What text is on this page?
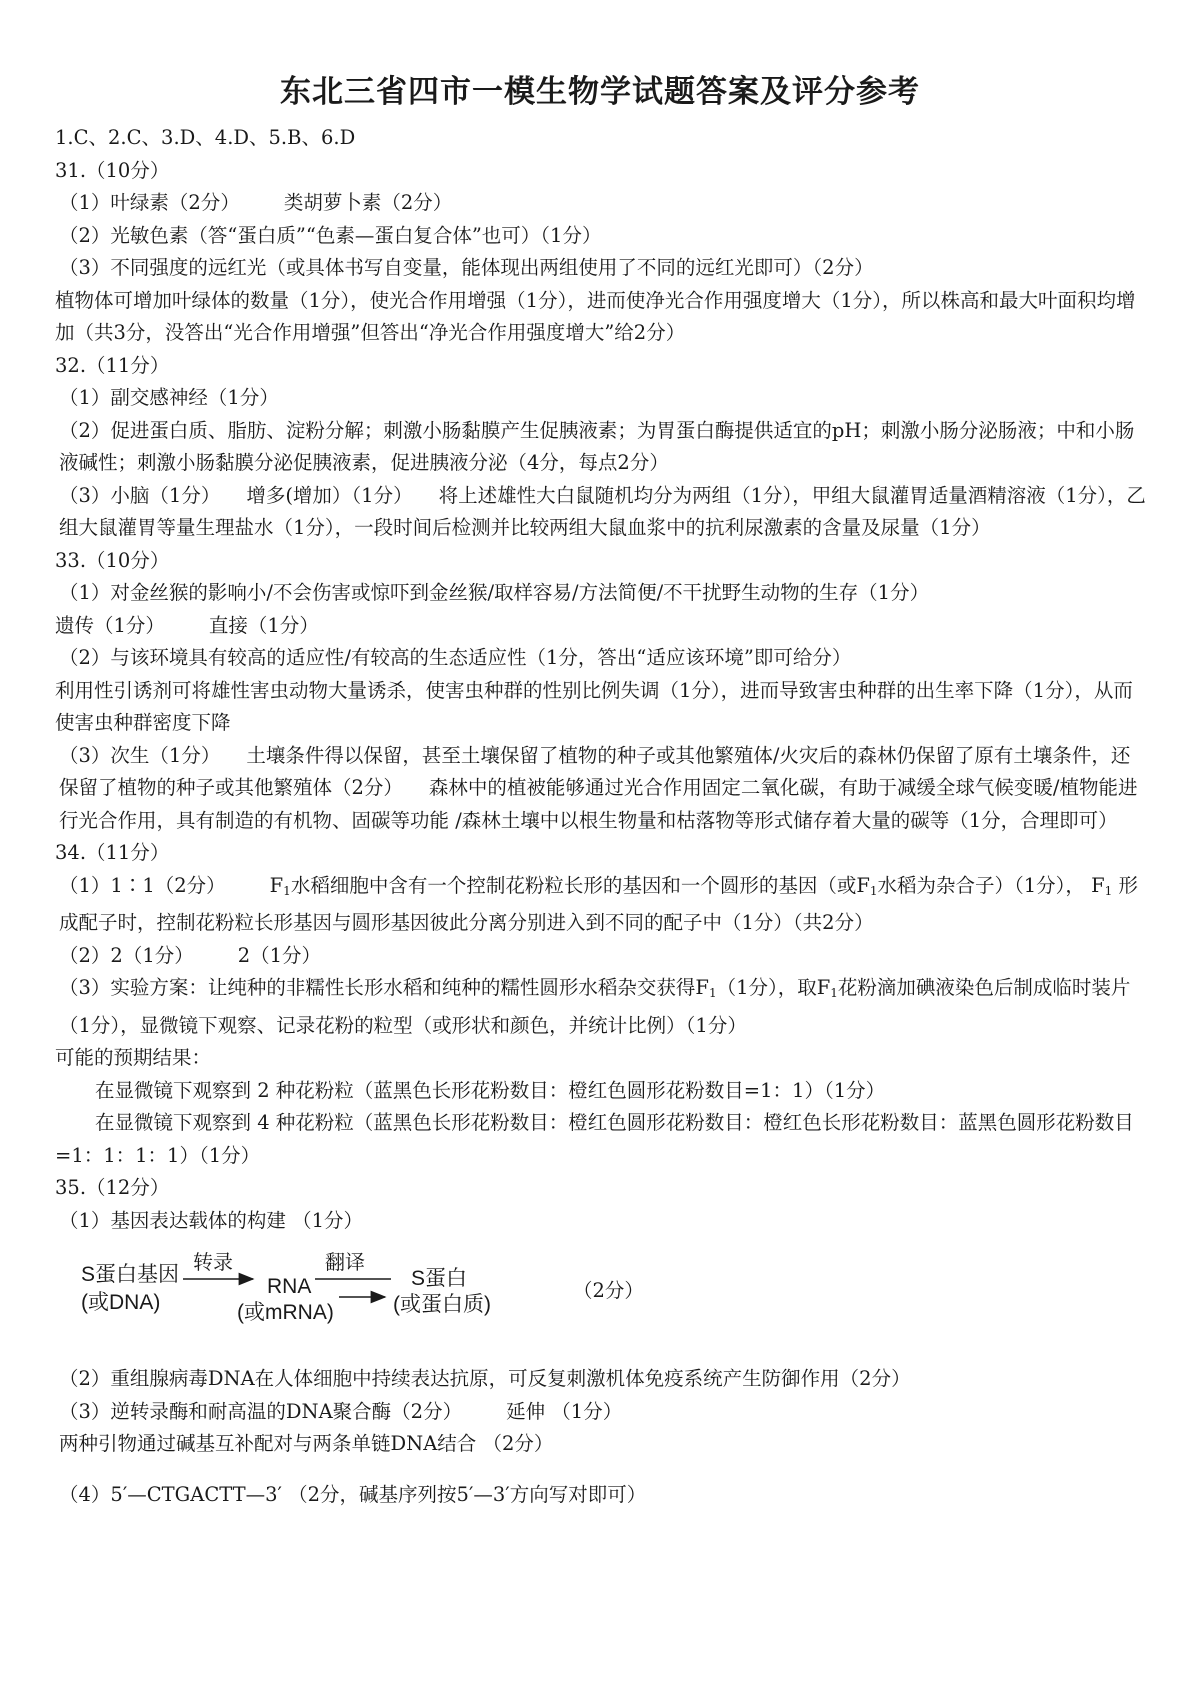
东北三省四市一模生物学试题答案及评分参考

1.C、2.C、3.D、4.D、5.B、6.D

31.（10分）

（1）叶绿素（2分） 类胡萝卜素（2分）

（2）光敏色素（答“蛋白质”“色素—蛋白复合体”也可）（1分）

（3）不同强度的远红光（或具体书写自变量，能体现出两组使用了不同的远红光即可）（2分）

植物体可增加叶绿体的数量（1分），使光合作用增强（1分），进而使净光合作用强度增大（1分），所以株高和最大叶面积均增加（共3分，没答出“光合作用增强”但答出“净光合作用强度增大”给2分）

32.（11分）

（1）副交感神经（1分）

（2）促进蛋白质、脂肪、淀粉分解；刺激小肠黏膜产生促胰液素；为胃蛋白酶提供适宜的pH；刺激小肠分泌肠液；中和小肠液碱性；刺激小肠黏膜分泌促胰液素，促进胰液分泌（4分，每点2分）

（3）小脑（1分） 增多(增加）（1分） 将上述雄性大白鼠随机均分为两组（1分），甲组大鼠灌胃适量酒精溶液（1分），乙组大鼠灌胃等量生理盐水（1分），一段时间后检测并比较两组大鼠血浆中的抗利尿激素的含量及尿量（1分）

33.（10分）

（1）对金丝猴的影响小/不会伤害或惊吓到金丝猴/取样容易/方法简便/不干扰野生动物的生存（1分）

遗传（1分） 直接（1分）

（2）与该环境具有较高的适应性/有较高的生态适应性（1分，答出“适应该环境”即可给分）

利用性引诱剂可将雄性害虫动物大量诱杀，使害虫种群的性别比例失调（1分），进而导致害虫种群的出生率下降（1分），从而使害虫种群密度下降

（3）次生（1分） 土壤条件得以保留，甚至土壤保留了植物的种子或其他繁殖体/火灾后的森林仍保留了原有土壤条件，还保留了植物的种子或其他繁殖体（2分） 森林中的植被能够通过光合作用固定二氧化碳，有助于减缓全球气候变暖/植物能进行光合作用，具有制造的有机物、固碳等功能 /森林土壤中以根生物量和枯落物等形式储存着大量的碳等（1分，合理即可）

34.（11分）

（1）1∶1（2分） $F_1$水稻细胞中含有一个控制花粉粒长形的基因和一个圆形的基因（或$F_1$水稻为杂合子）（1分）， $F_1$ 形成配子时，控制花粉粒长形基因与圆形基因彼此分离分别进入到不同的配子中（1分）（共2分）

（2）2（1分） 2（1分）

（3）实验方案：让纯种的非糯性长形水稻和纯种的糯性圆形水稻杂交获得$F_1(1$分），取$F_1$花粉滴加碘液染色后制成临时装片（1分），显微镜下观察、记录花粉的粒型（或形状和颜色，并统计比例）（1分）

可能的预期结果：

在显微镜下观察到 2 种花粉粒（蓝黑色长形花粉数目：橙红色圆形花粉数目=1：1）（1分）

在显微镜下观察到 4 种花粉粒（蓝黑色长形花粉数目：橙红色圆形花粉数目：橙红色长形花粉数目：蓝黑色圆形花粉数目=1：1：1：1）（1分）

35.（12分）

（1）基因表达载体的构建 （1分）

S蛋白基因
(或DNA)
转录
RNA
(或mRNA)
翻译
S蛋白
(或蛋白质)
（2分）

（2）重组腺病毒DNA在人体细胞中持续表达抗原，可反复刺激机体免疫系统产生防御作用（2分）

（3）逆转录酶和耐高温的DNA聚合酶（2分） 延伸 （1分）

两种引物通过碱基互补配对与两条单链DNA结合 （2分）

（4）5′—CTGACTT—3′ （2分，碱基序列按5′—3′方向写对即可）
